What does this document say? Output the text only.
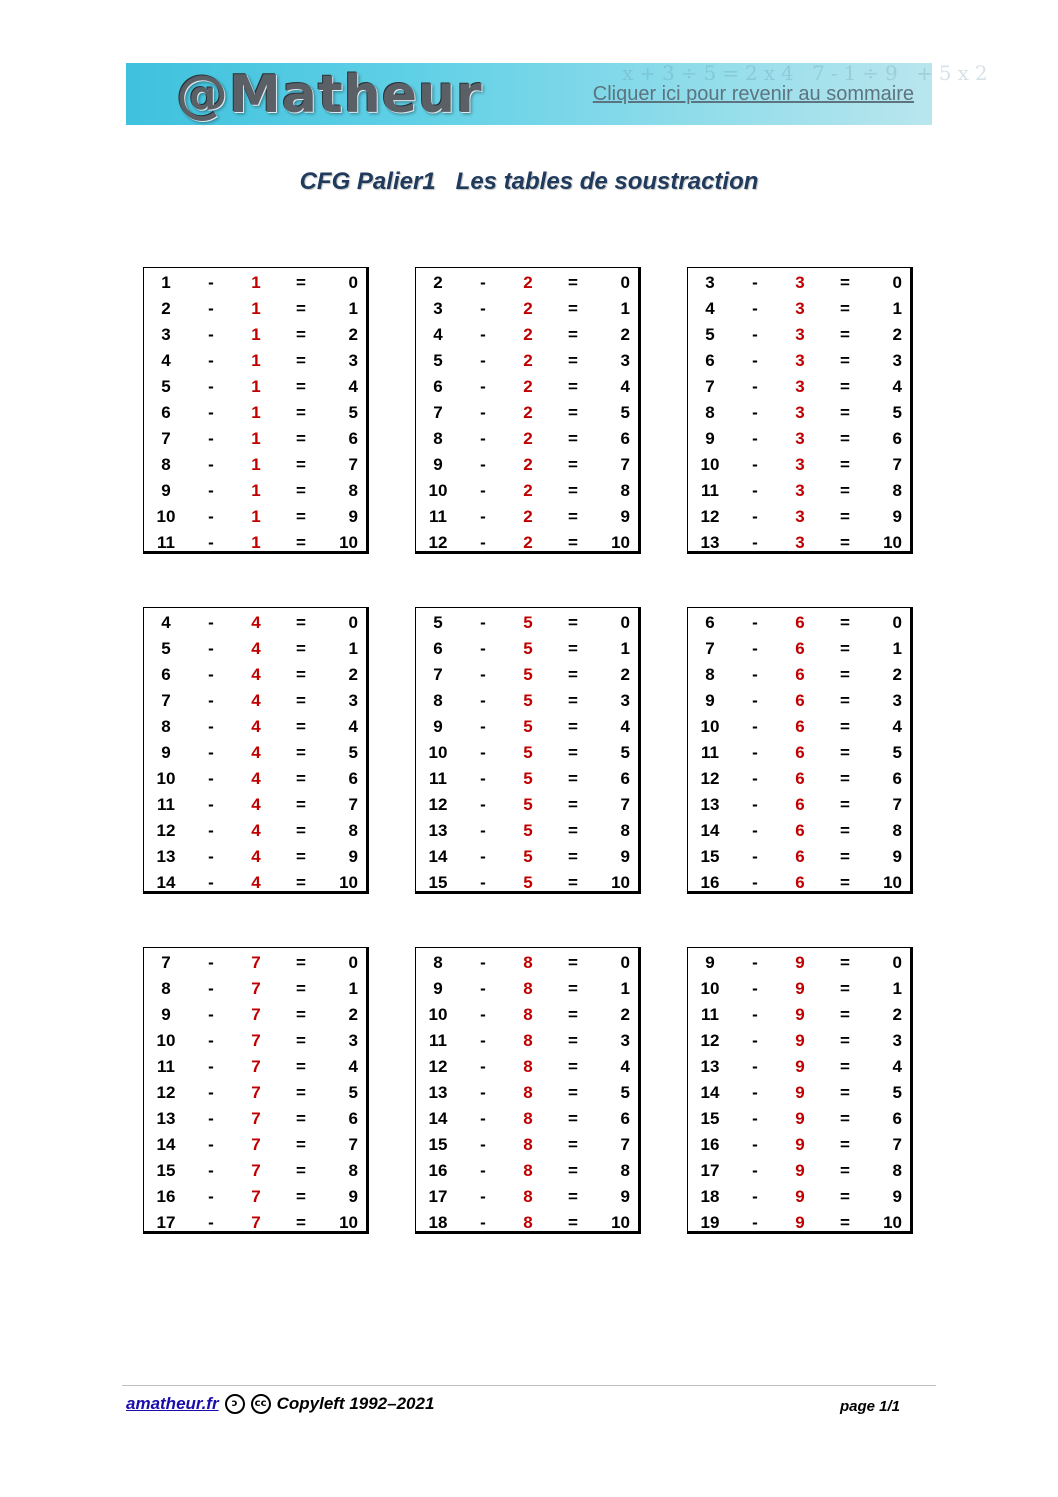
x+3÷5=2x4 7-1÷9 +5x2
@Matheur	Cliquer ici pour revenir au sommaire
CFG Palier1   Les tables de soustraction
1	-	1	=	0
2	-	1	=	1
3	-	1	=	2
4	-	1	=	3
5	-	1	=	4
6	-	1	=	5
7	-	1	=	6
8	-	1	=	7
9	-	1	=	8
10	-	1	=	9
11	-	1	=	10
2	-	2	=	0
3	-	2	=	1
4	-	2	=	2
5	-	2	=	3
6	-	2	=	4
7	-	2	=	5
8	-	2	=	6
9	-	2	=	7
10	-	2	=	8
11	-	2	=	9
12	-	2	=	10
3	-	3	=	0
4	-	3	=	1
5	-	3	=	2
6	-	3	=	3
7	-	3	=	4
8	-	3	=	5
9	-	3	=	6
10	-	3	=	7
11	-	3	=	8
12	-	3	=	9
13	-	3	=	10
4	-	4	=	0
5	-	4	=	1
6	-	4	=	2
7	-	4	=	3
8	-	4	=	4
9	-	4	=	5
10	-	4	=	6
11	-	4	=	7
12	-	4	=	8
13	-	4	=	9
14	-	4	=	10
5	-	5	=	0
6	-	5	=	1
7	-	5	=	2
8	-	5	=	3
9	-	5	=	4
10	-	5	=	5
11	-	5	=	6
12	-	5	=	7
13	-	5	=	8
14	-	5	=	9
15	-	5	=	10
6	-	6	=	0
7	-	6	=	1
8	-	6	=	2
9	-	6	=	3
10	-	6	=	4
11	-	6	=	5
12	-	6	=	6
13	-	6	=	7
14	-	6	=	8
15	-	6	=	9
16	-	6	=	10
7	-	7	=	0
8	-	7	=	1
9	-	7	=	2
10	-	7	=	3
11	-	7	=	4
12	-	7	=	5
13	-	7	=	6
14	-	7	=	7
15	-	7	=	8
16	-	7	=	9
17	-	7	=	10
8	-	8	=	0
9	-	8	=	1
10	-	8	=	2
11	-	8	=	3
12	-	8	=	4
13	-	8	=	5
14	-	8	=	6
15	-	8	=	7
16	-	8	=	8
17	-	8	=	9
18	-	8	=	10
9	-	9	=	0
10	-	9	=	1
11	-	9	=	2
12	-	9	=	3
13	-	9	=	4
14	-	9	=	5
15	-	9	=	6
16	-	9	=	7
17	-	9	=	8
18	-	9	=	9
19	-	9	=	10
amatheur.fr	ↄ	cc Copyleft 1992–2021	page 1/1
